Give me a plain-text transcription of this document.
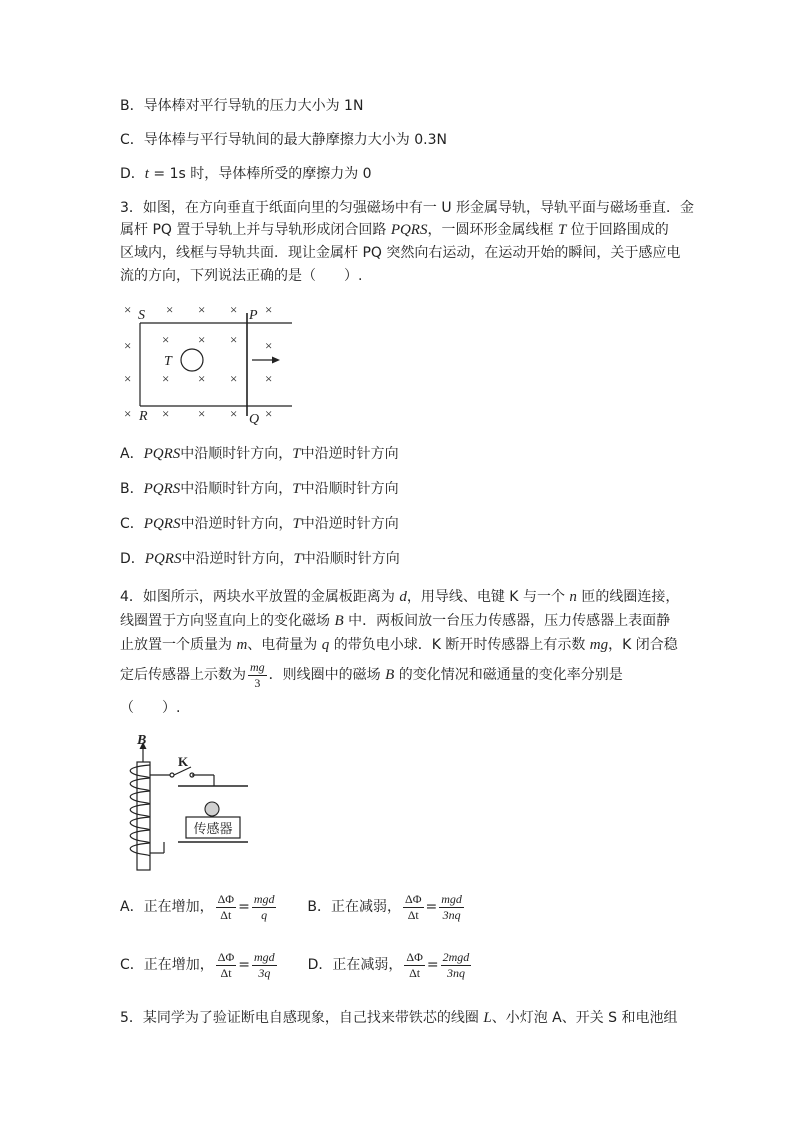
B．导体棒对平行导轨的压力大小为 1N
C．导体棒与平行导轨间的最大静摩擦力大小为 0.3N
D．t = 1s 时，导体棒所受的摩擦力为 0
3．如图，在方向垂直于纸面向里的匀强磁场中有一 U 形金属导轨，导轨平面与磁场垂直．金
属杆 PQ 置于导轨上并与导轨形成闭合回路 PQRS，一圆环形金属线框 T 位于回路围成的
区域内，线框与导轨共面．现让金属杆 PQ 突然向右运动，在运动开始的瞬间，关于感应电
流的方向，下列说法正确的是（　　）.
×	× × × ×
× × × × ×
× × × × ×
× × × × ×
S	P
T
R	Q
A．PQRS中沿顺时针方向，T中沿逆时针方向
B．PQRS中沿顺时针方向，T中沿顺时针方向
C．PQRS中沿逆时针方向，T中沿逆时针方向
D．PQRS中沿逆时针方向，T中沿顺时针方向
4．如图所示，两块水平放置的金属板距离为 d，用导线、电键 K 与一个 n 匝的线圈连接，
线圈置于方向竖直向上的变化磁场 B 中．两板间放一台压力传感器，压力传感器上表面静
止放置一个质量为 m、电荷量为 q 的带负电小球．K 断开时传感器上有示数 mg，K 闭合稳
定后传感器上示数为 $\frac{mg}{3}$ ．则线圈中的磁场 B 的变化情况和磁通量的变化率分别是
（　　）.
B
K
传感器
A．正在增加， $\frac{\Delta\Phi}{\Delta t} = \frac{\text{mgd}}{q}$ B．正在减弱， $\frac{\Delta\Phi}{\Delta t} = \frac{\text{mgd}}{3nq}$
C．正在增加， $\frac{\Delta\Phi}{\Delta t} = \frac{\text{mgd}}{3q}$ D．正在减弱， $\frac{\Delta\Phi}{\Delta t} = \frac{\text{2mgd}}{3nq}$
5．某同学为了验证断电自感现象，自己找来带铁芯的线圈 L、小灯泡 A、开关 S 和电池组
